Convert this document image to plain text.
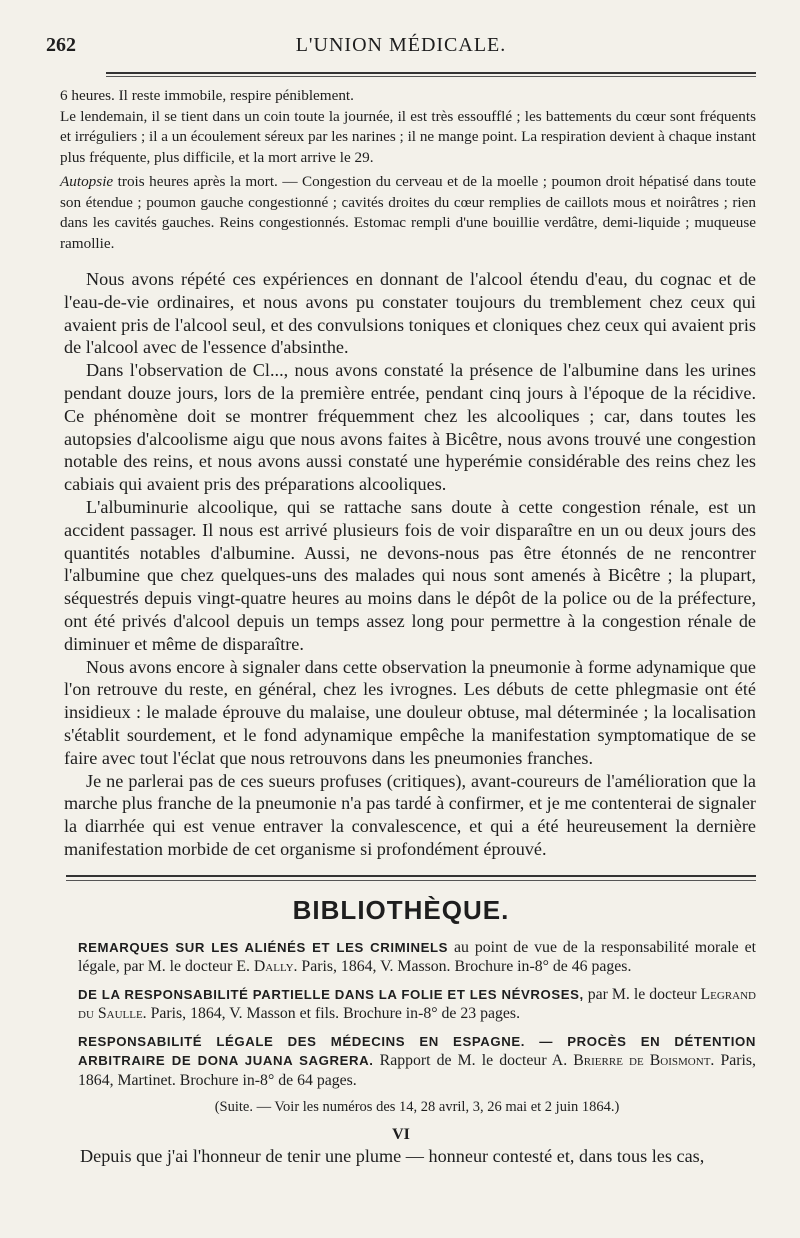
262	L'UNION MÉDICALE.

6 heures. Il reste immobile, respire péniblement.

Le lendemain, il se tient dans un coin toute la journée, il est très essoufflé ; les battements du cœur sont fréquents et irréguliers ; il a un écoulement séreux par les narines ; il ne mange point. La respiration devient à chaque instant plus fréquente, plus difficile, et la mort arrive le 29.

Autopsie trois heures après la mort. — Congestion du cerveau et de la moelle ; poumon droit hépatisé dans toute son étendue ; poumon gauche congestionné ; cavités droites du cœur remplies de caillots mous et noirâtres ; rien dans les cavités gauches. Reins congestionnés. Estomac rempli d'une bouillie verdâtre, demi-liquide ; muqueuse ramollie.

Nous avons répété ces expériences en donnant de l'alcool étendu d'eau, du cognac et de l'eau-de-vie ordinaires, et nous avons pu constater toujours du tremblement chez ceux qui avaient pris de l'alcool seul, et des convulsions toniques et cloniques chez ceux qui avaient pris de l'alcool avec de l'essence d'absinthe.

Dans l'observation de Cl..., nous avons constaté la présence de l'albumine dans les urines pendant douze jours, lors de la première entrée, pendant cinq jours à l'époque de la récidive. Ce phénomène doit se montrer fréquemment chez les alcooliques ; car, dans toutes les autopsies d'alcoolisme aigu que nous avons faites à Bicêtre, nous avons trouvé une congestion notable des reins, et nous avons aussi constaté une hyperémie considérable des reins chez les cabiais qui avaient pris des préparations alcooliques.

L'albuminurie alcoolique, qui se rattache sans doute à cette congestion rénale, est un accident passager. Il nous est arrivé plusieurs fois de voir disparaître en un ou deux jours des quantités notables d'albumine. Aussi, ne devons-nous pas être étonnés de ne rencontrer l'albumine que chez quelques-uns des malades qui nous sont amenés à Bicêtre ; la plupart, séquestrés depuis vingt-quatre heures au moins dans le dépôt de la police ou de la préfecture, ont été privés d'alcool depuis un temps assez long pour permettre à la congestion rénale de diminuer et même de disparaître.

Nous avons encore à signaler dans cette observation la pneumonie à forme adynamique que l'on retrouve du reste, en général, chez les ivrognes. Les débuts de cette phlegmasie ont été insidieux : le malade éprouve du malaise, une douleur obtuse, mal déterminée ; la localisation s'établit sourdement, et le fond adynamique empêche la manifestation symptomatique de se faire avec tout l'éclat que nous retrouvons dans les pneumonies franches.

Je ne parlerai pas de ces sueurs profuses (critiques), avant-coureurs de l'amélioration que la marche plus franche de la pneumonie n'a pas tardé à confirmer, et je me contenterai de signaler la diarrhée qui est venue entraver la convalescence, et qui a été heureusement la dernière manifestation morbide de cet organisme si profondément éprouvé.

BIBLIOTHÈQUE.
REMARQUES SUR LES ALIÉNÉS ET LES CRIMINELS au point de vue de la responsabilité morale et légale, par M. le docteur E. Dally. Paris, 1864, V. Masson. Brochure in-8° de 46 pages.
DE LA RESPONSABILITÉ PARTIELLE DANS LA FOLIE ET LES NÉVROSES, par M. le docteur Legrand du Saulle. Paris, 1864, V. Masson et fils. Brochure in-8° de 23 pages.
RESPONSABILITÉ LÉGALE DES MÉDECINS EN ESPAGNE. — PROCÈS EN DÉTENTION ARBITRAIRE DE DONA JUANA SAGRERA. Rapport de M. le docteur A. Brierre de Boismont. Paris, 1864, Martinet. Brochure in-8° de 64 pages.
(Suite. — Voir les numéros des 14, 28 avril, 3, 26 mai et 2 juin 1864.)
VI
Depuis que j'ai l'honneur de tenir une plume — honneur contesté et, dans tous les cas,
